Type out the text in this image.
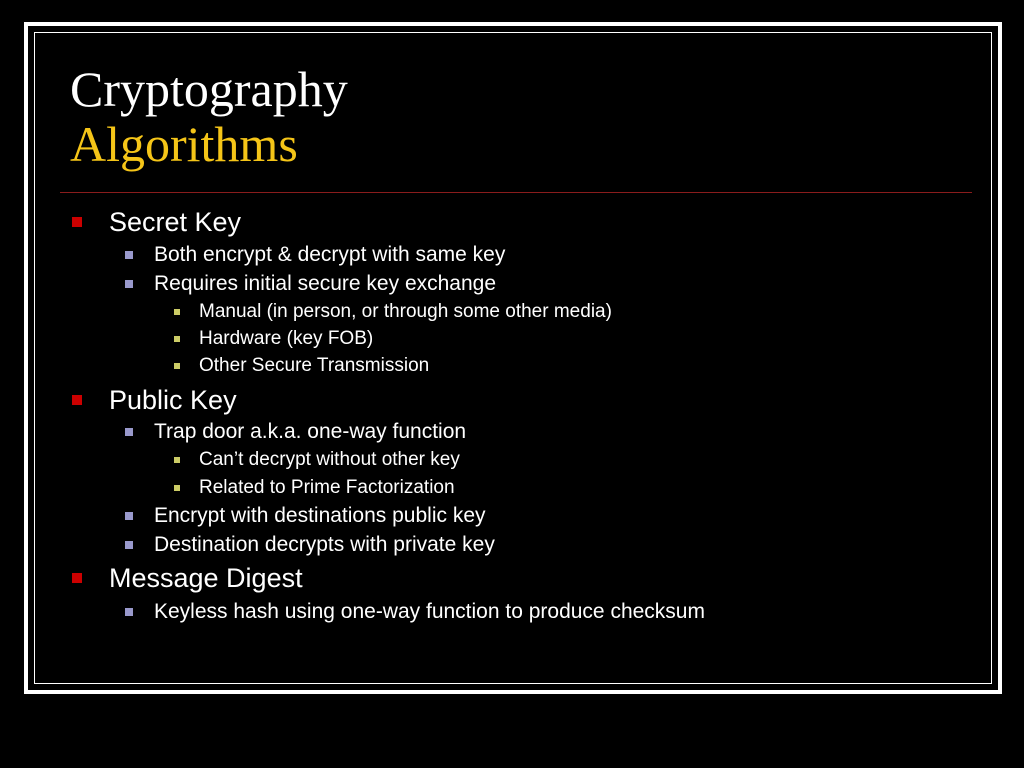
Cryptography
Algorithms
Secret Key
Both encrypt & decrypt with same key
Requires initial secure key exchange
Manual (in person, or through some other media)
Hardware (key FOB)
Other Secure Transmission
Public Key
Trap door a.k.a. one-way function
Can’t decrypt without other key
Related to Prime Factorization
Encrypt with destinations public key
Destination decrypts with private key
Message Digest
Keyless hash using one-way function to produce checksum
